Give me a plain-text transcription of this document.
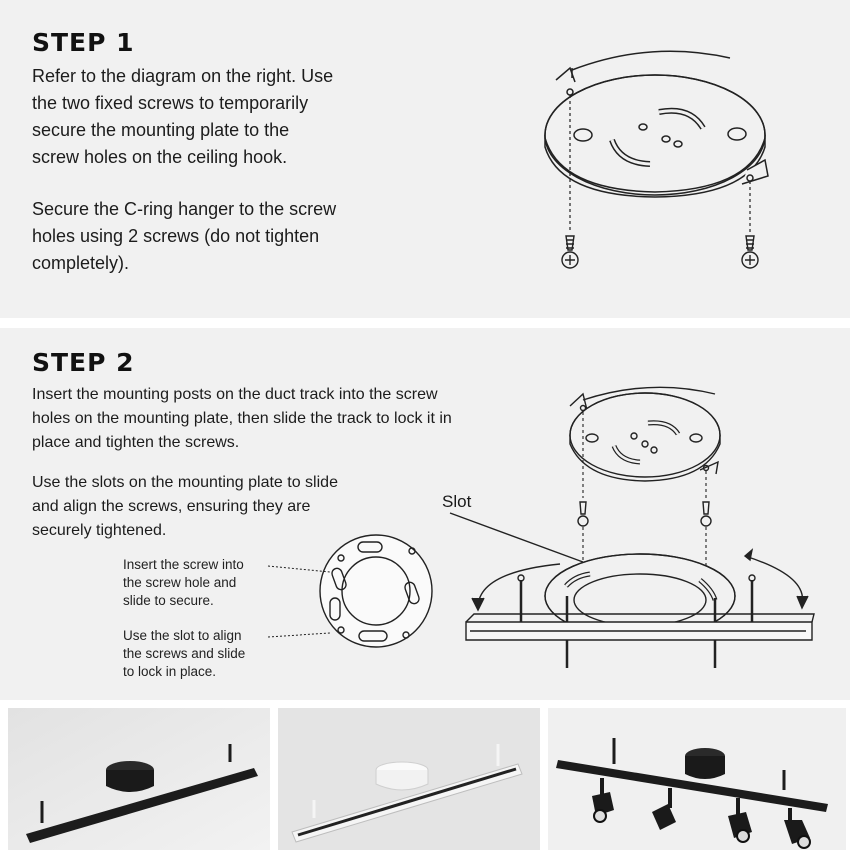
STEP 1
Refer to the diagram on the right. Use
the two fixed screws to temporarily
secure the mounting plate to the
screw holes on the ceiling hook.
Secure the C-ring hanger to the screw
holes using 2 screws (do not tighten
completely).
STEP 2
Insert the mounting posts on the duct track into the screw
holes on the mounting plate, then slide the track to lock it in
place and tighten the screws.
Use the slots on the mounting plate to slide
and align the screws, ensuring they are
securely tightened.
Slot
Insert the screw into
the screw hole and
slide to secure.
Use the slot to align
the screws and slide
to lock in place.
